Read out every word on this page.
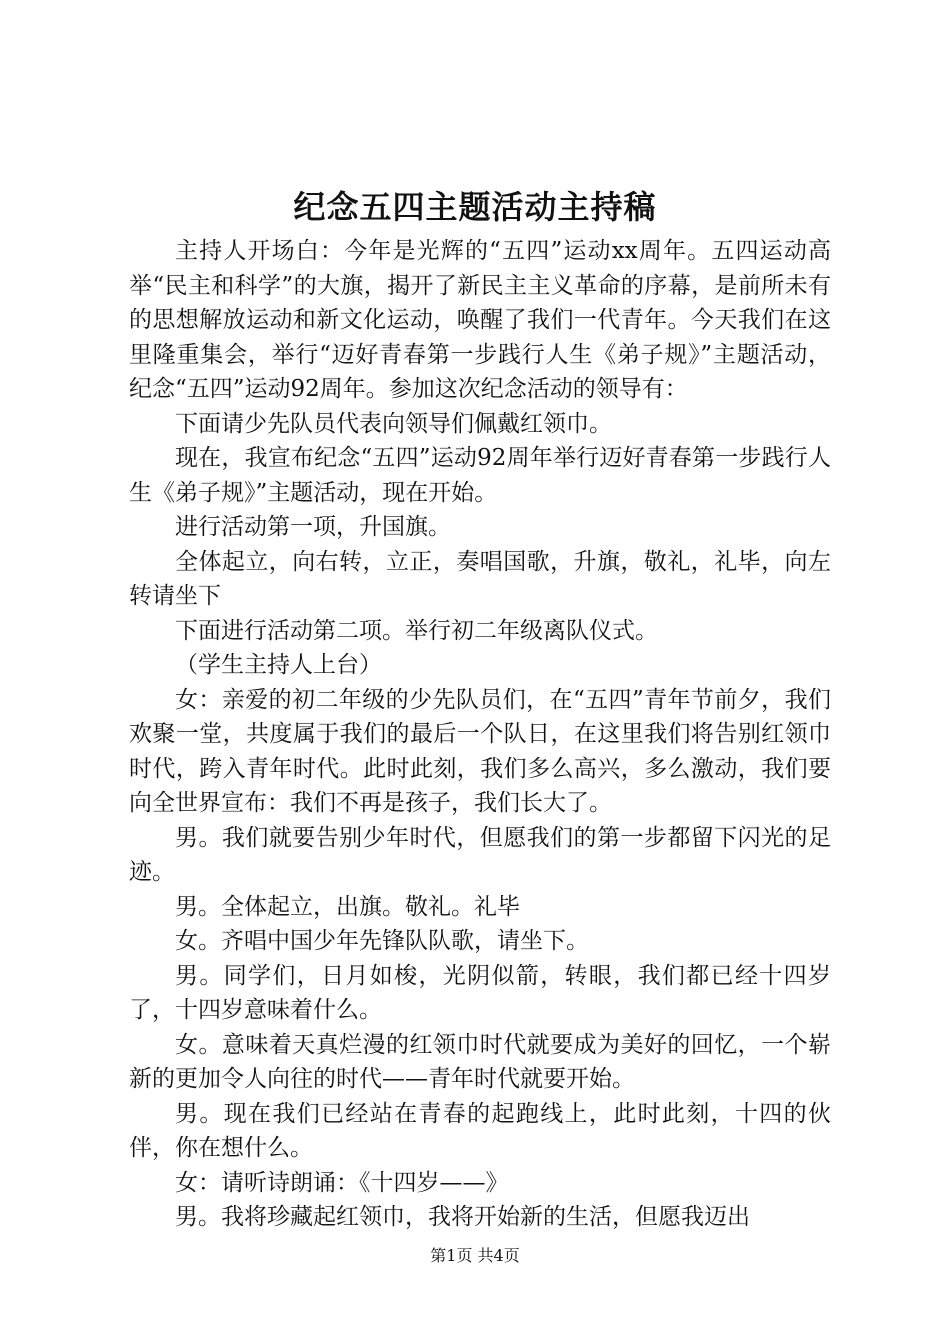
纪念五四主题活动主持稿

主持人开场白：今年是光辉的“五四”运动xx周年。五四运动高举“民主和科学”的大旗，揭开了新民主主义革命的序幕，是前所未有的思想解放运动和新文化运动，唤醒了我们一代青年。今天我们在这里隆重集会，举行“迈好青春第一步践行人生《弟子规》”主题活动，纪念“五四”运动92周年。参加这次纪念活动的领导有：

下面请少先队员代表向领导们佩戴红领巾。

现在，我宣布纪念“五四”运动92周年举行迈好青春第一步践行人生《弟子规》”主题活动，现在开始。

进行活动第一项，升国旗。

全体起立，向右转，立正，奏唱国歌，升旗，敬礼，礼毕，向左转请坐下

下面进行活动第二项。举行初二年级离队仪式。

（学生主持人上台）

女：亲爱的初二年级的少先队员们，在“五四”青年节前夕，我们欢聚一堂，共度属于我们的最后一个队日，在这里我们将告别红领巾时代，跨入青年时代。此时此刻，我们多么高兴，多么激动，我们要向全世界宣布：我们不再是孩子，我们长大了。

男。我们就要告别少年时代，但愿我们的第一步都留下闪光的足迹。

男。全体起立，出旗。敬礼。礼毕

女。齐唱中国少年先锋队队歌，请坐下。

男。同学们，日月如梭，光阴似箭，转眼，我们都已经十四岁了，十四岁意味着什么。

女。意味着天真烂漫的红领巾时代就要成为美好的回忆，一个崭新的更加令人向往的时代——青年时代就要开始。

男。现在我们已经站在青春的起跑线上，此时此刻，十四的伙伴，你在想什么。

女：请听诗朗诵：《十四岁——》

男。我将珍藏起红领巾，我将开始新的生活，但愿我迈出

第1页 共4页
